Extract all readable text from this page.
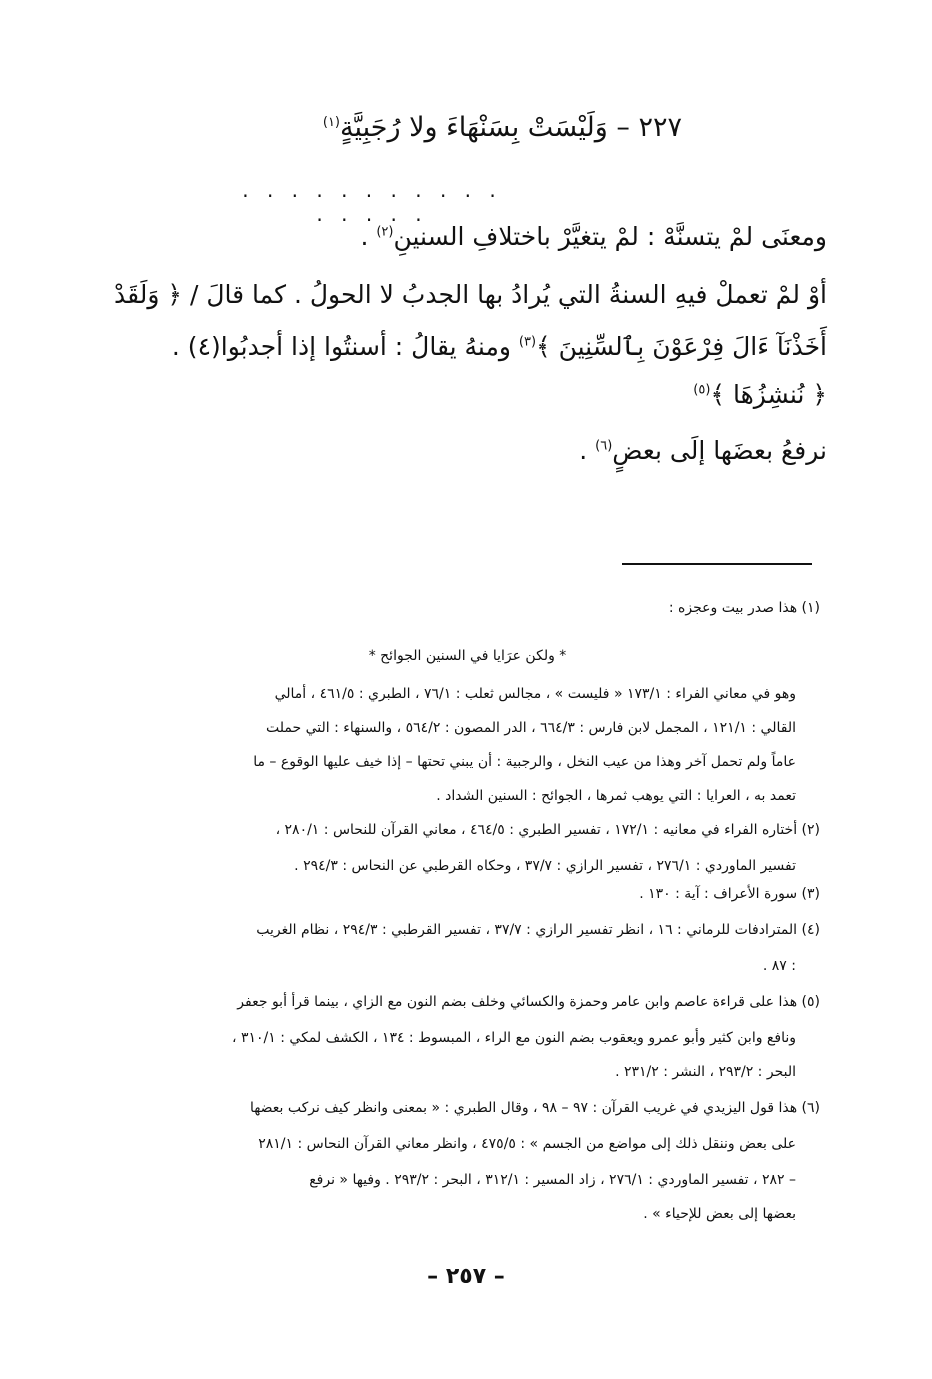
٢٢٧ – وَلَيْسَتْ بِسَنْهَاءَ ولا رُجَبِيَّةٍ$^{(١)}$
. . . . . . . . . . . . . . . .
ومعنَى لمْ يتسنَّهْ : لمْ يتغيَّرْ باختلافِ السنينِ$^{(٢)}$ .
أوْ لمْ تعملْ فيهِ السنةُ التي يُرادُ بها الجدبُ لا الحولُ . كما قالَ / ﴿ وَلَقَدْ
أَخَذْنَآ ءَالَ فِرْعَوْنَ بِٱلسِّنِينَ ﴾$^{(٣)}$ ومنهُ يقالُ : أسنتُوا إذا أجدبُوا(٤) .
﴿ نُنشِزُهَا ﴾$^{(٥)}$
نرفعُ بعضَها إلَى بعضٍ$^{(٦)}$ .
(١) هذا صدر بيت وعجزه :
* ولكن عرَايا في السنين الجوائح *
وهو في معاني الفراء : ١٧٣/١ « فليست » ، مجالس ثعلب : ٧٦/١ ، الطبري : ٤٦١/٥ ، أمالي
القالي : ١٢١/١ ، المجمل لابن فارس : ٦٦٤/٣ ، الدر المصون : ٥٦٤/٢ ، والسنهاء : التي حملت
عاماً ولم تحمل آخر وهذا من عيب النخل ، والرجبية : أن يبني تحتها – إذا خيف عليها الوقوع – ما
تعمد به ، العرايا : التي يوهب ثمرها ، الجوائح : السنين الشداد .
(٢) أختاره الفراء في معانيه : ١٧٢/١ ، تفسير الطبري : ٤٦٤/٥ ، معاني القرآن للنحاس : ٢٨٠/١ ،
تفسير الماوردي : ٢٧٦/١ ، تفسير الرازي : ٣٧/٧ ، وحكاه القرطبي عن النحاس : ٢٩٤/٣ .
(٣) سورة الأعراف : آية : ١٣٠ .
(٤) المترادفات للرماني : ١٦ ، انظر تفسير الرازي : ٣٧/٧ ، تفسير القرطبي : ٢٩٤/٣ ، نظام الغريب
: ٨٧ .
(٥) هذا على قراءة عاصم وابن عامر وحمزة والكسائي وخلف بضم النون مع الزاي ، بينما قرأ أبو جعفر
ونافع وابن كثير وأبو عمرو ويعقوب بضم النون مع الراء ، المبسوط : ١٣٤ ، الكشف لمكي : ٣١٠/١ ،
البحر : ٢٩٣/٢ ، النشر : ٢٣١/٢ .
(٦) هذا قول اليزيدي في غريب القرآن : ٩٧ – ٩٨ ، وقال الطبري : « بمعنى وانظر كيف نركب بعضها
على بعض وننقل ذلك إلى مواضع من الجسم » : ٤٧٥/٥ ، وانظر معاني القرآن النحاس : ٢٨١/١
– ٢٨٢ ، تفسير الماوردي : ٢٧٦/١ ، زاد المسير : ٣١٢/١ ، البحر : ٢٩٣/٢ . وفيها « نرفع
بعضها إلى بعض للإحياء » .
– ٢٥٧ –
